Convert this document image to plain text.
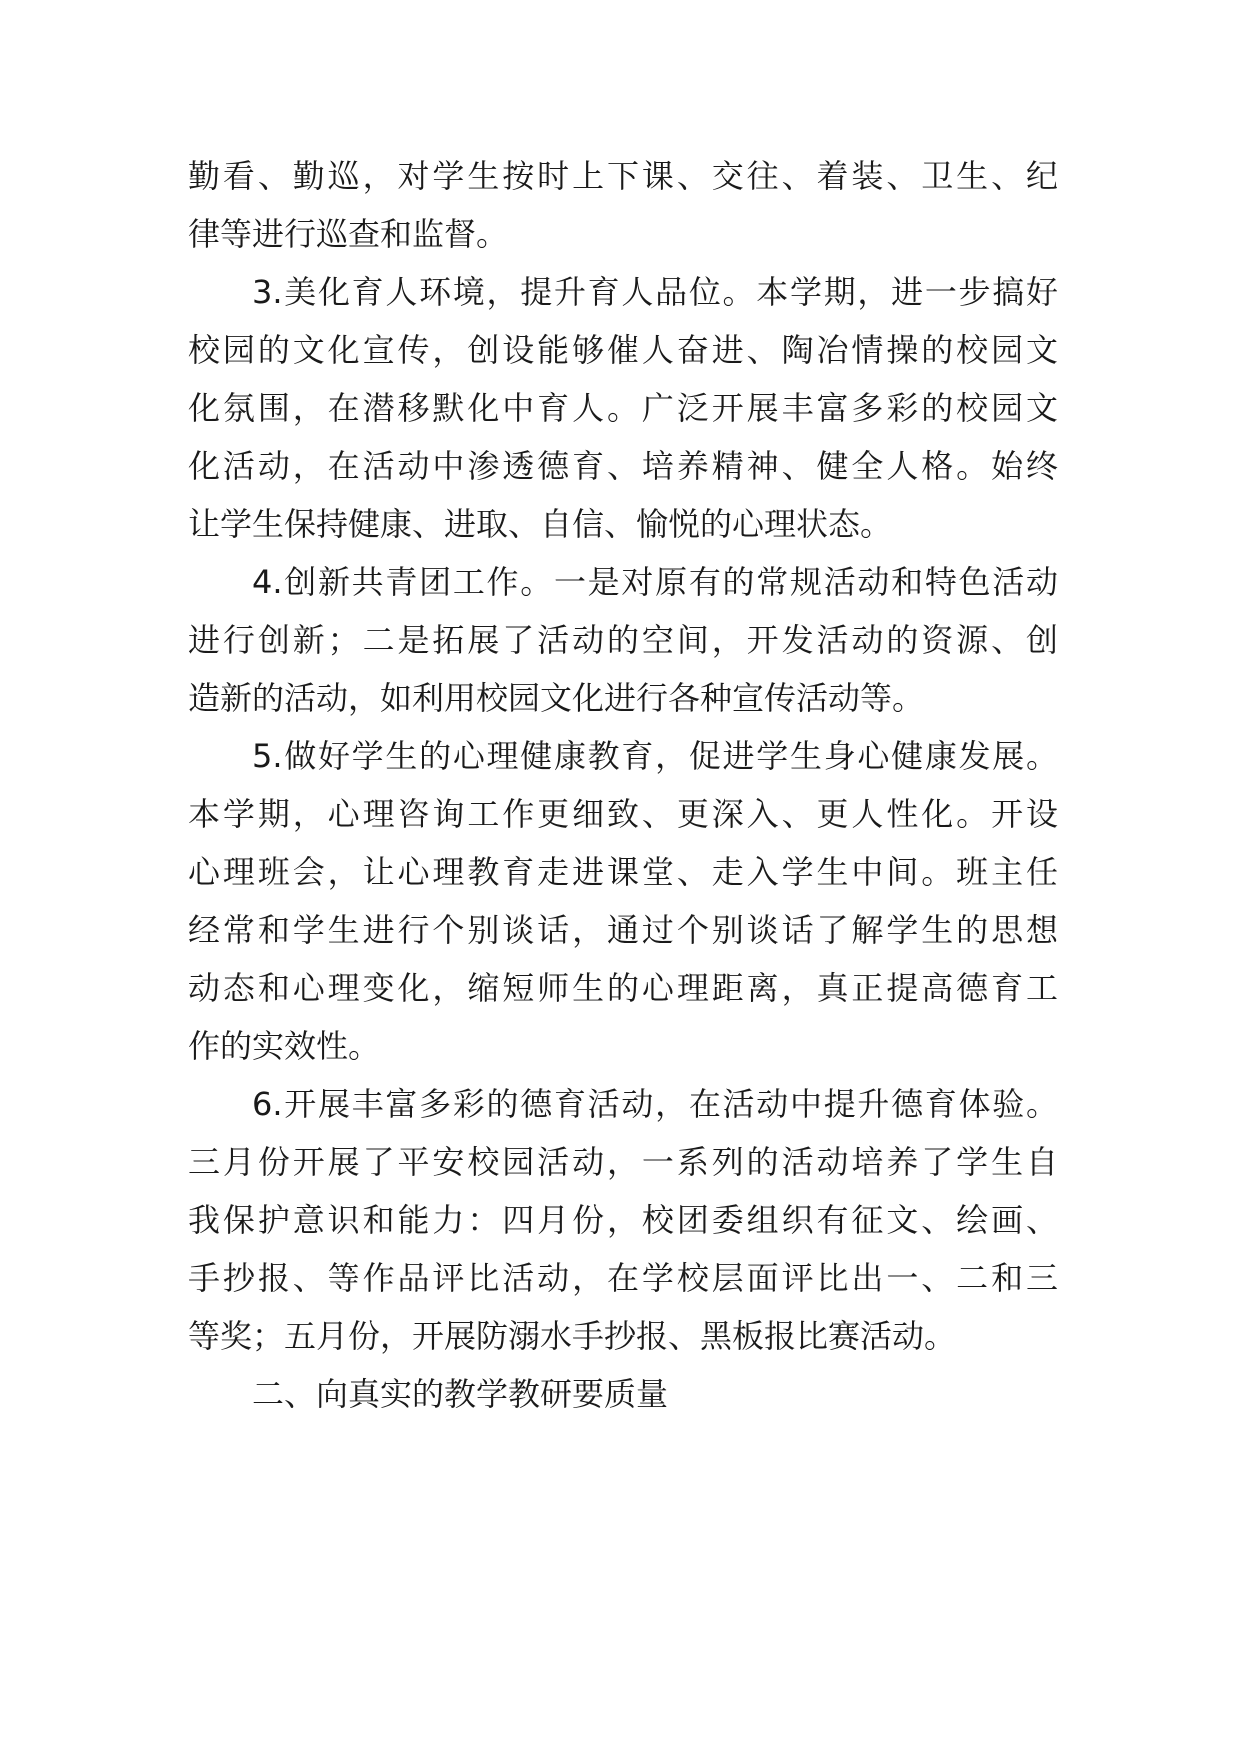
勤看、勤巡，对学生按时上下课、交往、着装、卫生、纪
律等进行巡查和监督。
3.美化育人环境，提升育人品位。本学期，进一步搞好
校园的文化宣传，创设能够催人奋进、陶冶情操的校园文
化氛围，在潜移默化中育人。广泛开展丰富多彩的校园文
化活动，在活动中渗透德育、培养精神、健全人格。始终
让学生保持健康、进取、自信、愉悦的心理状态。
4.创新共青团工作。一是对原有的常规活动和特色活动
进行创新；二是拓展了活动的空间，开发活动的资源、创
造新的活动，如利用校园文化进行各种宣传活动等。
5.做好学生的心理健康教育，促进学生身心健康发展。
本学期，心理咨询工作更细致、更深入、更人性化。开设
心理班会，让心理教育走进课堂、走入学生中间。班主任
经常和学生进行个别谈话，通过个别谈话了解学生的思想
动态和心理变化，缩短师生的心理距离，真正提高德育工
作的实效性。
6.开展丰富多彩的德育活动，在活动中提升德育体验。
三月份开展了平安校园活动，一系列的活动培养了学生自
我保护意识和能力：四月份，校团委组织有征文、绘画、
手抄报、等作品评比活动，在学校层面评比出一、二和三
等奖；五月份，开展防溺水手抄报、黑板报比赛活动。
二、向真实的教学教研要质量
